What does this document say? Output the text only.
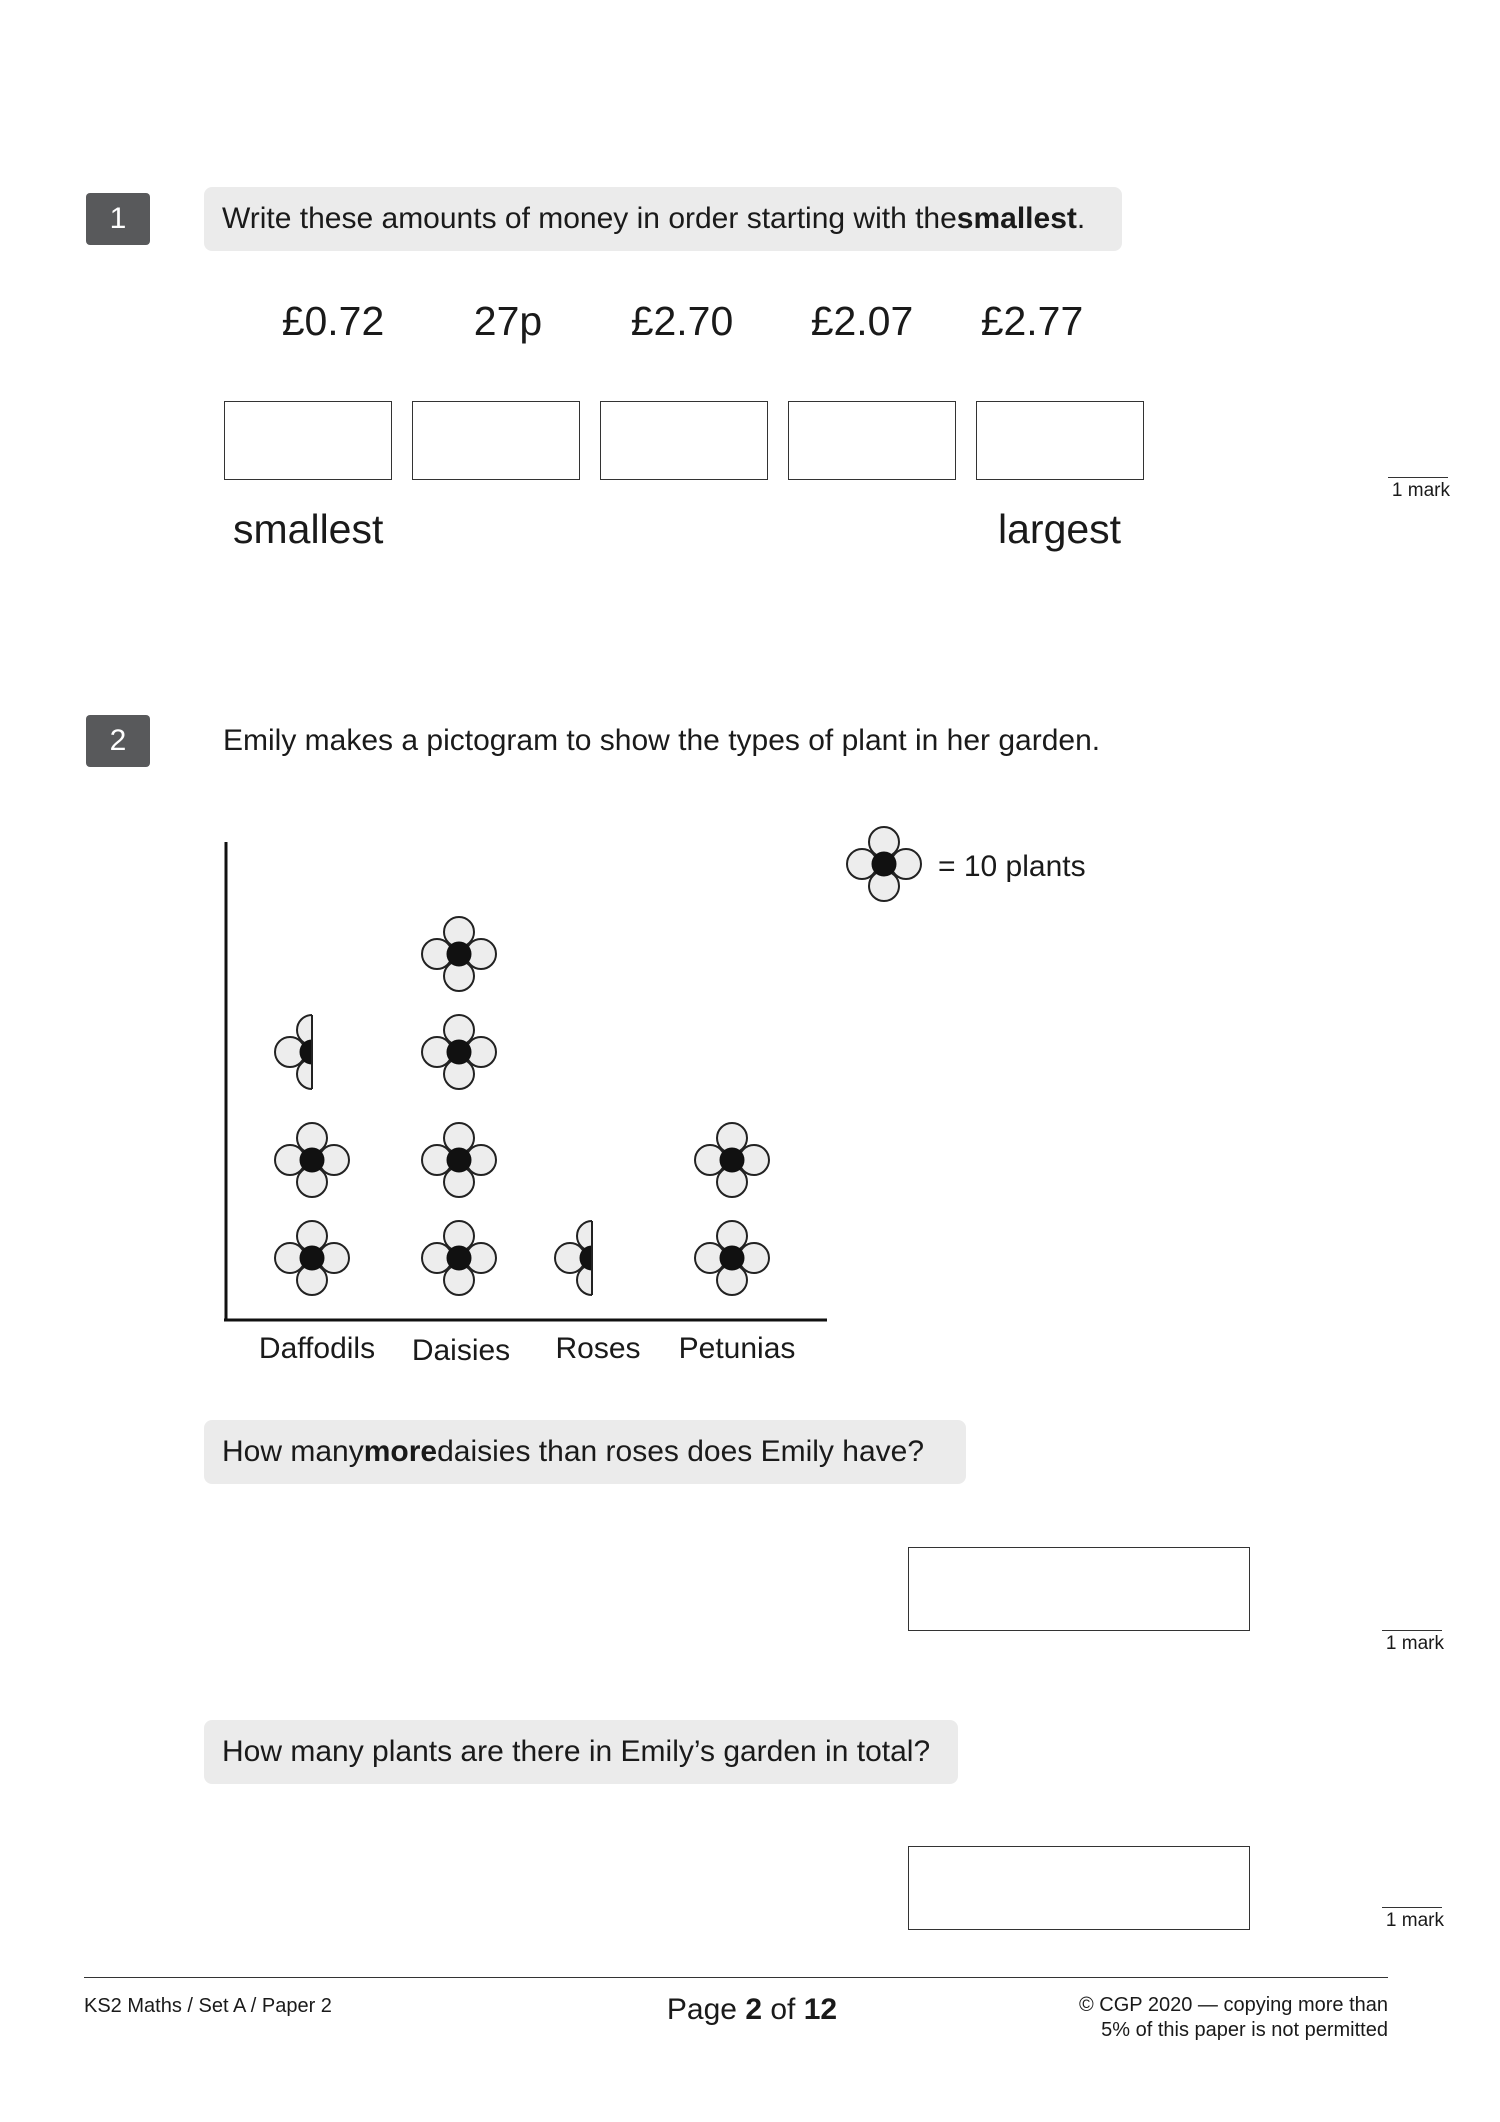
1	Write these amounts of money in order starting with the smallest .
£0.72	27p	£2.70	£2.07	£2.77
smallest	largest
1 mark
2	Emily makes a pictogram to show the types of plant in her garden.
= 10 plants
Daffodils	Daisies	Roses	Petunias
How many more daisies than roses does Emily have?
1 mark
How many plants are there in Emily’s garden in total?
1 mark
KS2 Maths / Set A / Paper 2	Page 2 of 12	© CGP 2020 — copying more than
5% of this paper is not permitted
